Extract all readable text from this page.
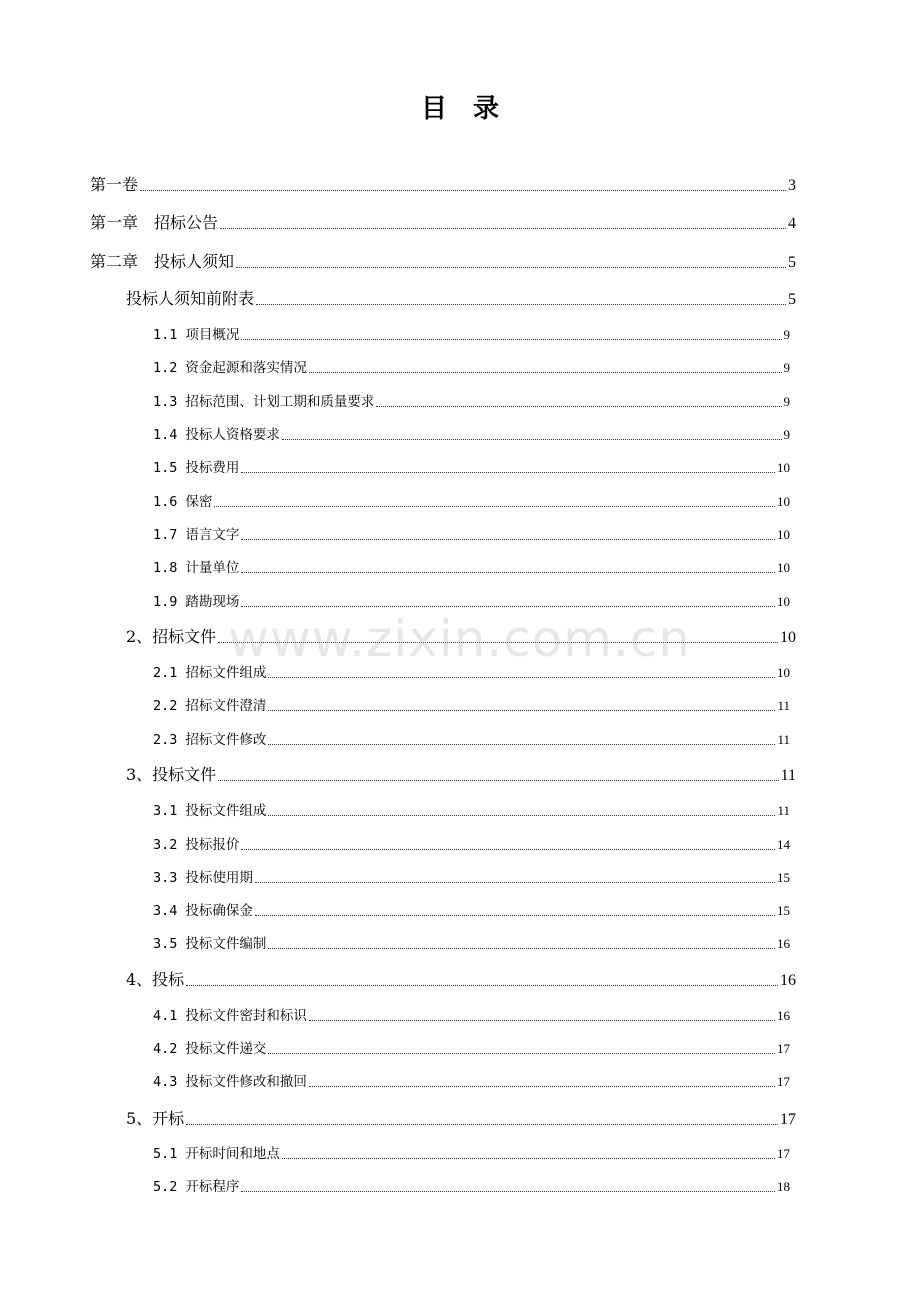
目　录
第一卷	3
第一章　招标公告	4
第二章　投标人须知	5
投标人须知前附表	5
1.1 项目概况	9
1.2 资金起源和落实情况	9
1.3 招标范围、计划工期和质量要求	9
1.4 投标人资格要求	9
1.5 投标费用	10
1.6 保密	10
1.7 语言文字	10
1.8 计量单位	10
1.9 踏勘现场	10
2、招标文件	10
2.1 招标文件组成	10
2.2 招标文件澄清	11
2.3 招标文件修改	11
3、投标文件	11
3.1 投标文件组成	11
3.2 投标报价	14
3.3 投标使用期	15
3.4 投标确保金	15
3.5 投标文件编制	16
4、投标	16
4.1 投标文件密封和标识	16
4.2 投标文件递交	17
4.3 投标文件修改和撤回	17
5、开标	17
5.1 开标时间和地点	17
5.2 开标程序	18
www.zixin.com.cn
